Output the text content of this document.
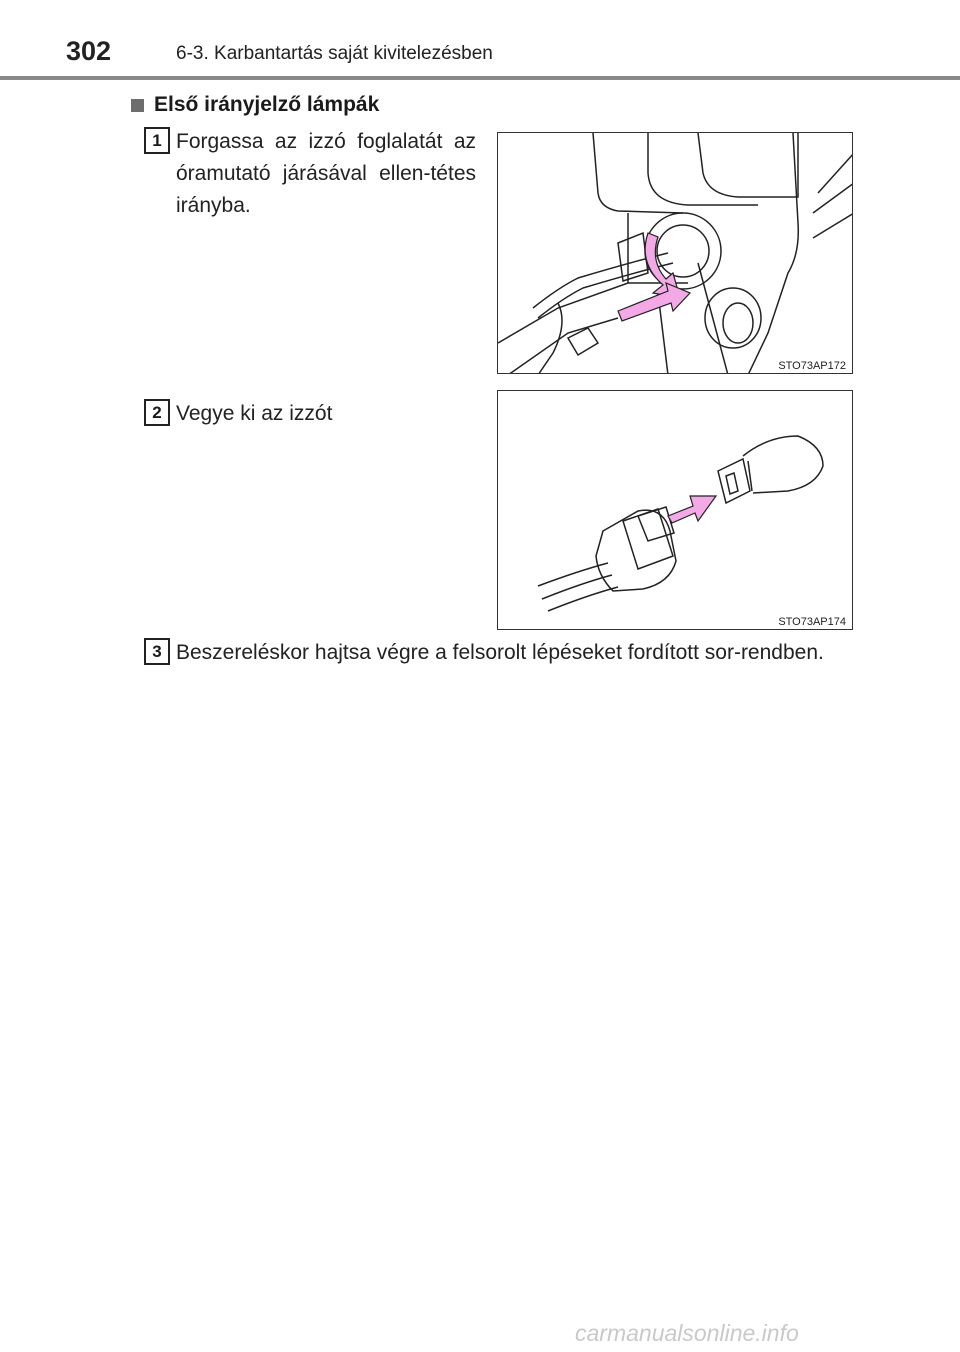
302	6-3. Karbantartás saját kivitelezésben
Első irányjelző lámpák
1 Forgassa az izzó foglalatát az óramutató járásával ellen-tétes irányba.
STO73AP172
2 Vegye ki az izzót
STO73AP174
3 Beszereléskor hajtsa végre a felsorolt lépéseket fordított sor-rendben.
carmanualsonline.info
